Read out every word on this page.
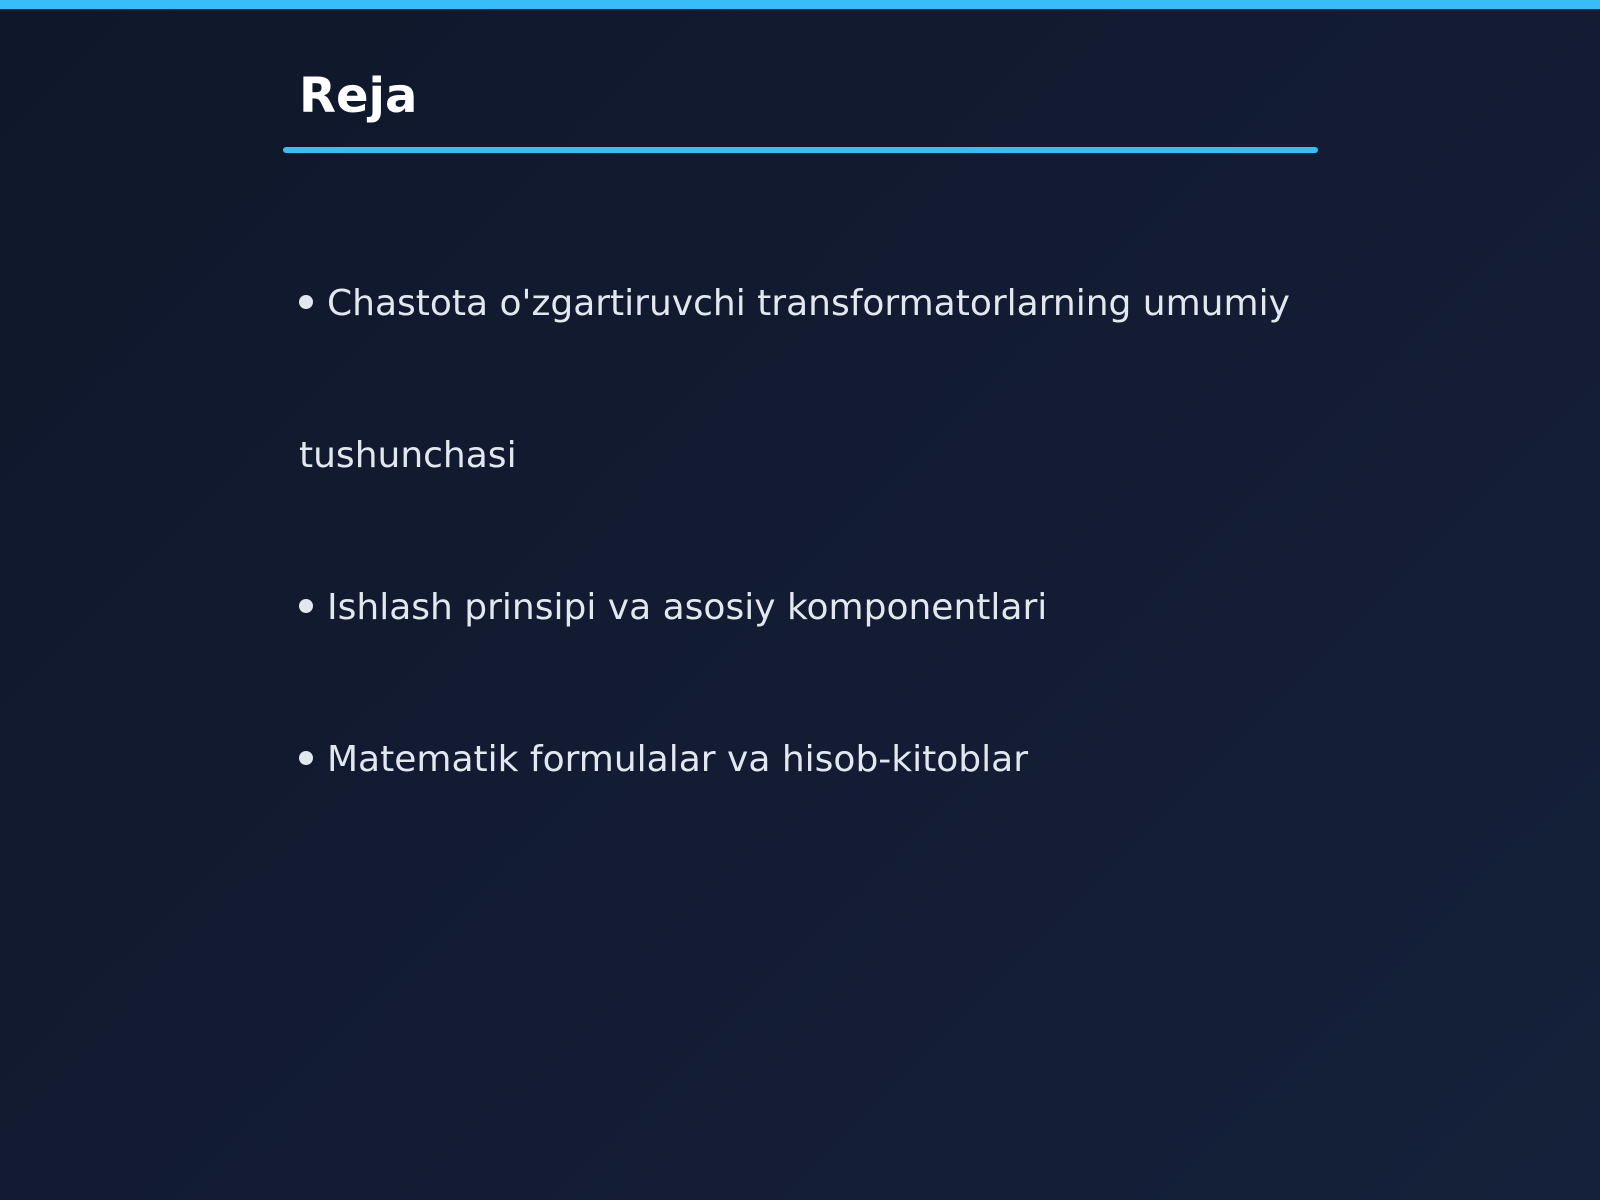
Reja

Chastota o'zgartiruvchi transformatorlarning umumiy

tushunchasi

Ishlash prinsipi va asosiy komponentlari

Matematik formulalar va hisob-kitoblar
